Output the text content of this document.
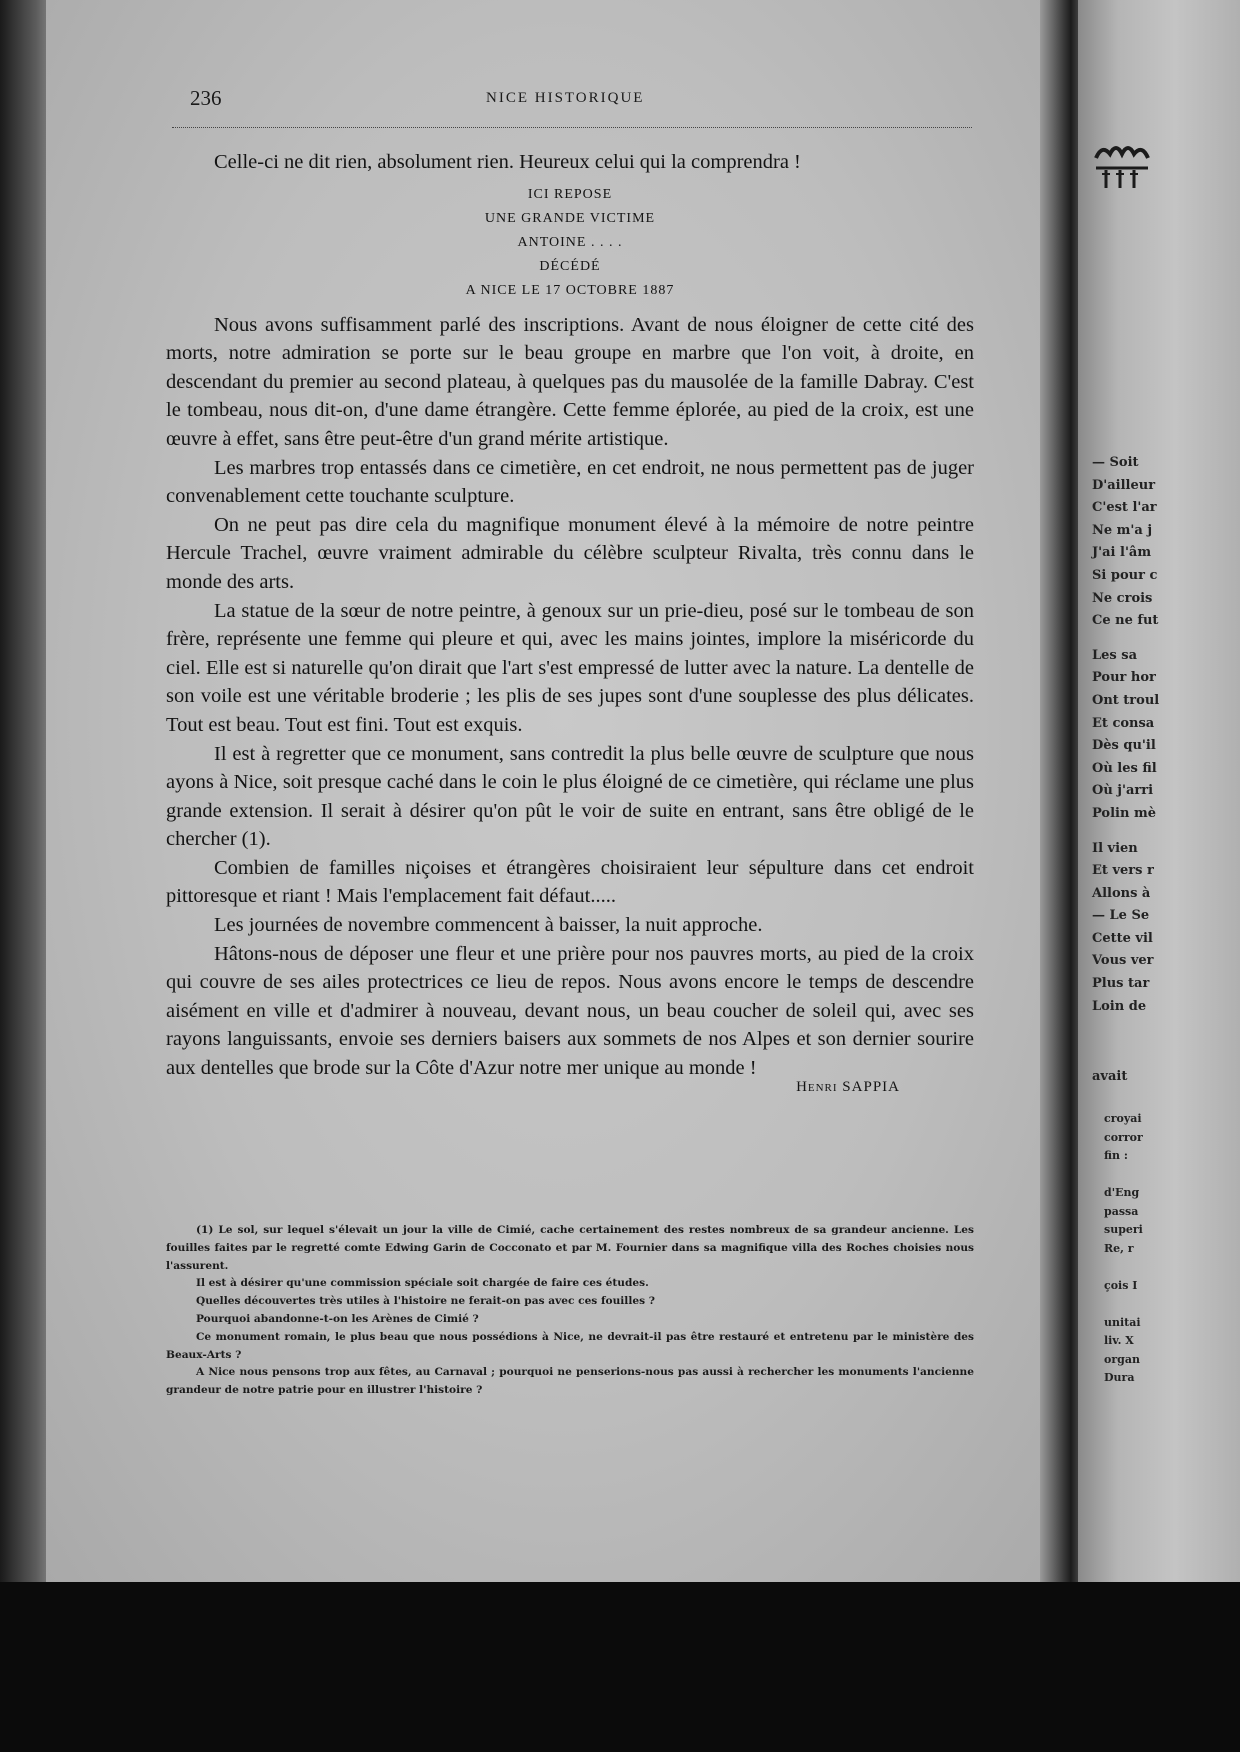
— Soit
D'ailleur
C'est l'ar
Ne m'a j
J'ai l'âm
Si pour c
Ne crois
Ce ne fut

Les sa
Pour hor
Ont troul
Et consa
Dès qu'il
Où les fil
Où j'arri
Polin mè

Il vien
Et vers r
Allons à
— Le Se
Cette vil
Vous ver
Plus tar
Loin de

avait
croyai
corror
fin :

d'Eng
passa
superi
Re, r

çois I

unitai
liv. X
organ
Dura
236	NICE HISTORIQUE

Celle-ci ne dit rien, absolument rien. Heureux celui qui la comprendra !

ICI REPOSE
UNE GRANDE VICTIME
ANTOINE . . . .
DÉCÉDÉ
A NICE LE 17 OCTOBRE 1887

Nous avons suffisamment parlé des inscriptions. Avant de nous éloigner de cette cité des morts, notre admiration se porte sur le beau groupe en marbre que l'on voit, à droite, en descendant du premier au second plateau, à quelques pas du mausolée de la famille Dabray. C'est le tombeau, nous dit-on, d'une dame étrangère. Cette femme éplorée, au pied de la croix, est une œuvre à effet, sans être peut-être d'un grand mérite artistique.

Les marbres trop entassés dans ce cimetière, en cet endroit, ne nous permettent pas de juger convenablement cette touchante sculpture.

On ne peut pas dire cela du magnifique monument élevé à la mémoire de notre peintre Hercule Trachel, œuvre vraiment admirable du célèbre sculpteur Rivalta, très connu dans le monde des arts.

La statue de la sœur de notre peintre, à genoux sur un prie-dieu, posé sur le tombeau de son frère, représente une femme qui pleure et qui, avec les mains jointes, implore la miséricorde du ciel. Elle est si naturelle qu'on dirait que l'art s'est empressé de lutter avec la nature. La dentelle de son voile est une véritable broderie ; les plis de ses jupes sont d'une souplesse des plus délicates. Tout est beau. Tout est fini. Tout est exquis.

Il est à regretter que ce monument, sans contredit la plus belle œuvre de sculpture que nous ayons à Nice, soit presque caché dans le coin le plus éloigné de ce cimetière, qui réclame une plus grande extension. Il serait à désirer qu'on pût le voir de suite en entrant, sans être obligé de le chercher (1).

Combien de familles niçoises et étrangères choisiraient leur sépulture dans cet endroit pittoresque et riant ! Mais l'emplacement fait défaut.....

Les journées de novembre commencent à baisser, la nuit approche.

Hâtons-nous de déposer une fleur et une prière pour nos pauvres morts, au pied de la croix qui couvre de ses ailes protectrices ce lieu de repos. Nous avons encore le temps de descendre aisément en ville et d'admirer à nouveau, devant nous, un beau coucher de soleil qui, avec ses rayons languissants, envoie ses derniers baisers aux sommets de nos Alpes et son dernier sourire aux dentelles que brode sur la Côte d'Azur notre mer unique au monde !

Henri SAPPIA

(1) Le sol, sur lequel s'élevait un jour la ville de Cimié, cache certainement des restes nombreux de sa grandeur ancienne. Les fouilles faites par le regretté comte Edwing Garin de Cocconato et par M. Fournier dans sa magnifique villa des Roches choisies nous l'assurent.

Il est à désirer qu'une commission spéciale soit chargée de faire ces études.

Quelles découvertes très utiles à l'histoire ne ferait-on pas avec ces fouilles ?

Pourquoi abandonne-t-on les Arènes de Cimié ?

Ce monument romain, le plus beau que nous possédions à Nice, ne devrait-il pas être restauré et entretenu par le ministère des Beaux-Arts ?

A Nice nous pensons trop aux fêtes, au Carnaval ; pourquoi ne penserions-nous pas aussi à rechercher les monuments l'ancienne grandeur de notre patrie pour en illustrer l'histoire ?
